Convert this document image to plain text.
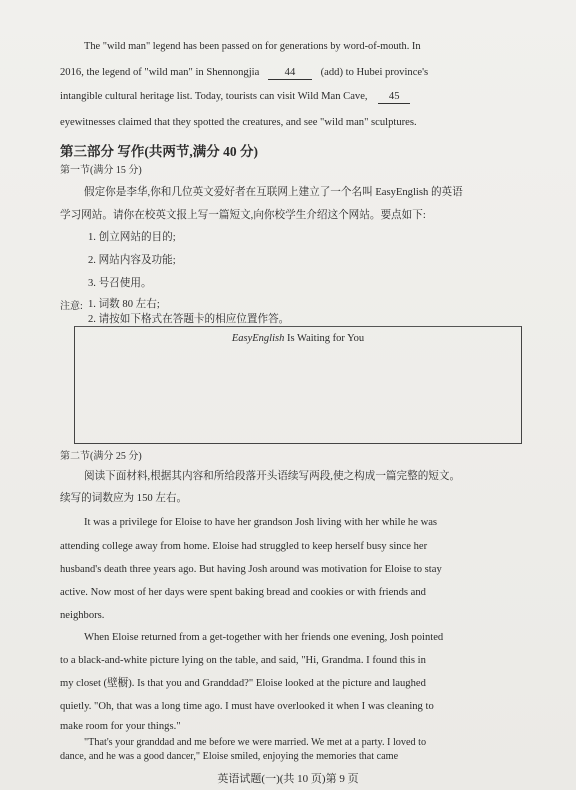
The "wild man" legend has been passed on for generations by word-of-mouth. In
2016, the legend of "wild man" in Shennongjia 44 (add) to Hubei province's
intangible cultural heritage list. Today, tourists can visit Wild Man Cave, 45
eyewitnesses claimed that they spotted the creatures, and see "wild man" sculptures.
第三部分 写作(共两节,满分 40 分)
第一节(满分 15 分)
假定你是李华,你和几位英文爱好者在互联网上建立了一个名叫 EasyEnglish 的英语
学习网站。请你在校英文报上写一篇短文,向你校学生介绍这个网站。要点如下:
1. 创立网站的目的;
2. 网站内容及功能;
3. 号召使用。
注意: 1. 词数 80 左右;
2. 请按如下格式在答题卡的相应位置作答。
EasyEnglish Is Waiting for You
第二节(满分 25 分)
阅读下面材料,根据其内容和所给段落开头语续写两段,使之构成一篇完整的短文。
续写的词数应为 150 左右。
It was a privilege for Eloise to have her grandson Josh living with her while he was
attending college away from home. Eloise had struggled to keep herself busy since her
husband's death three years ago. But having Josh around was motivation for Eloise to stay
active. Now most of her days were spent baking bread and cookies or with friends and
neighbors.
When Eloise returned from a get-together with her friends one evening, Josh pointed
to a black-and-white picture lying on the table, and said, "Hi, Grandma. I found this in
my closet (壁橱). Is that you and Granddad?" Eloise looked at the picture and laughed
quietly. "Oh, that was a long time ago. I must have overlooked it when I was cleaning to
make room for your things."
英语试题(一)(共 10 页)第 9 页
"That's your granddad and me before we were married. We met at a party. I loved to
dance, and he was a good dancer," Eloise smiled, enjoying the memories that came
